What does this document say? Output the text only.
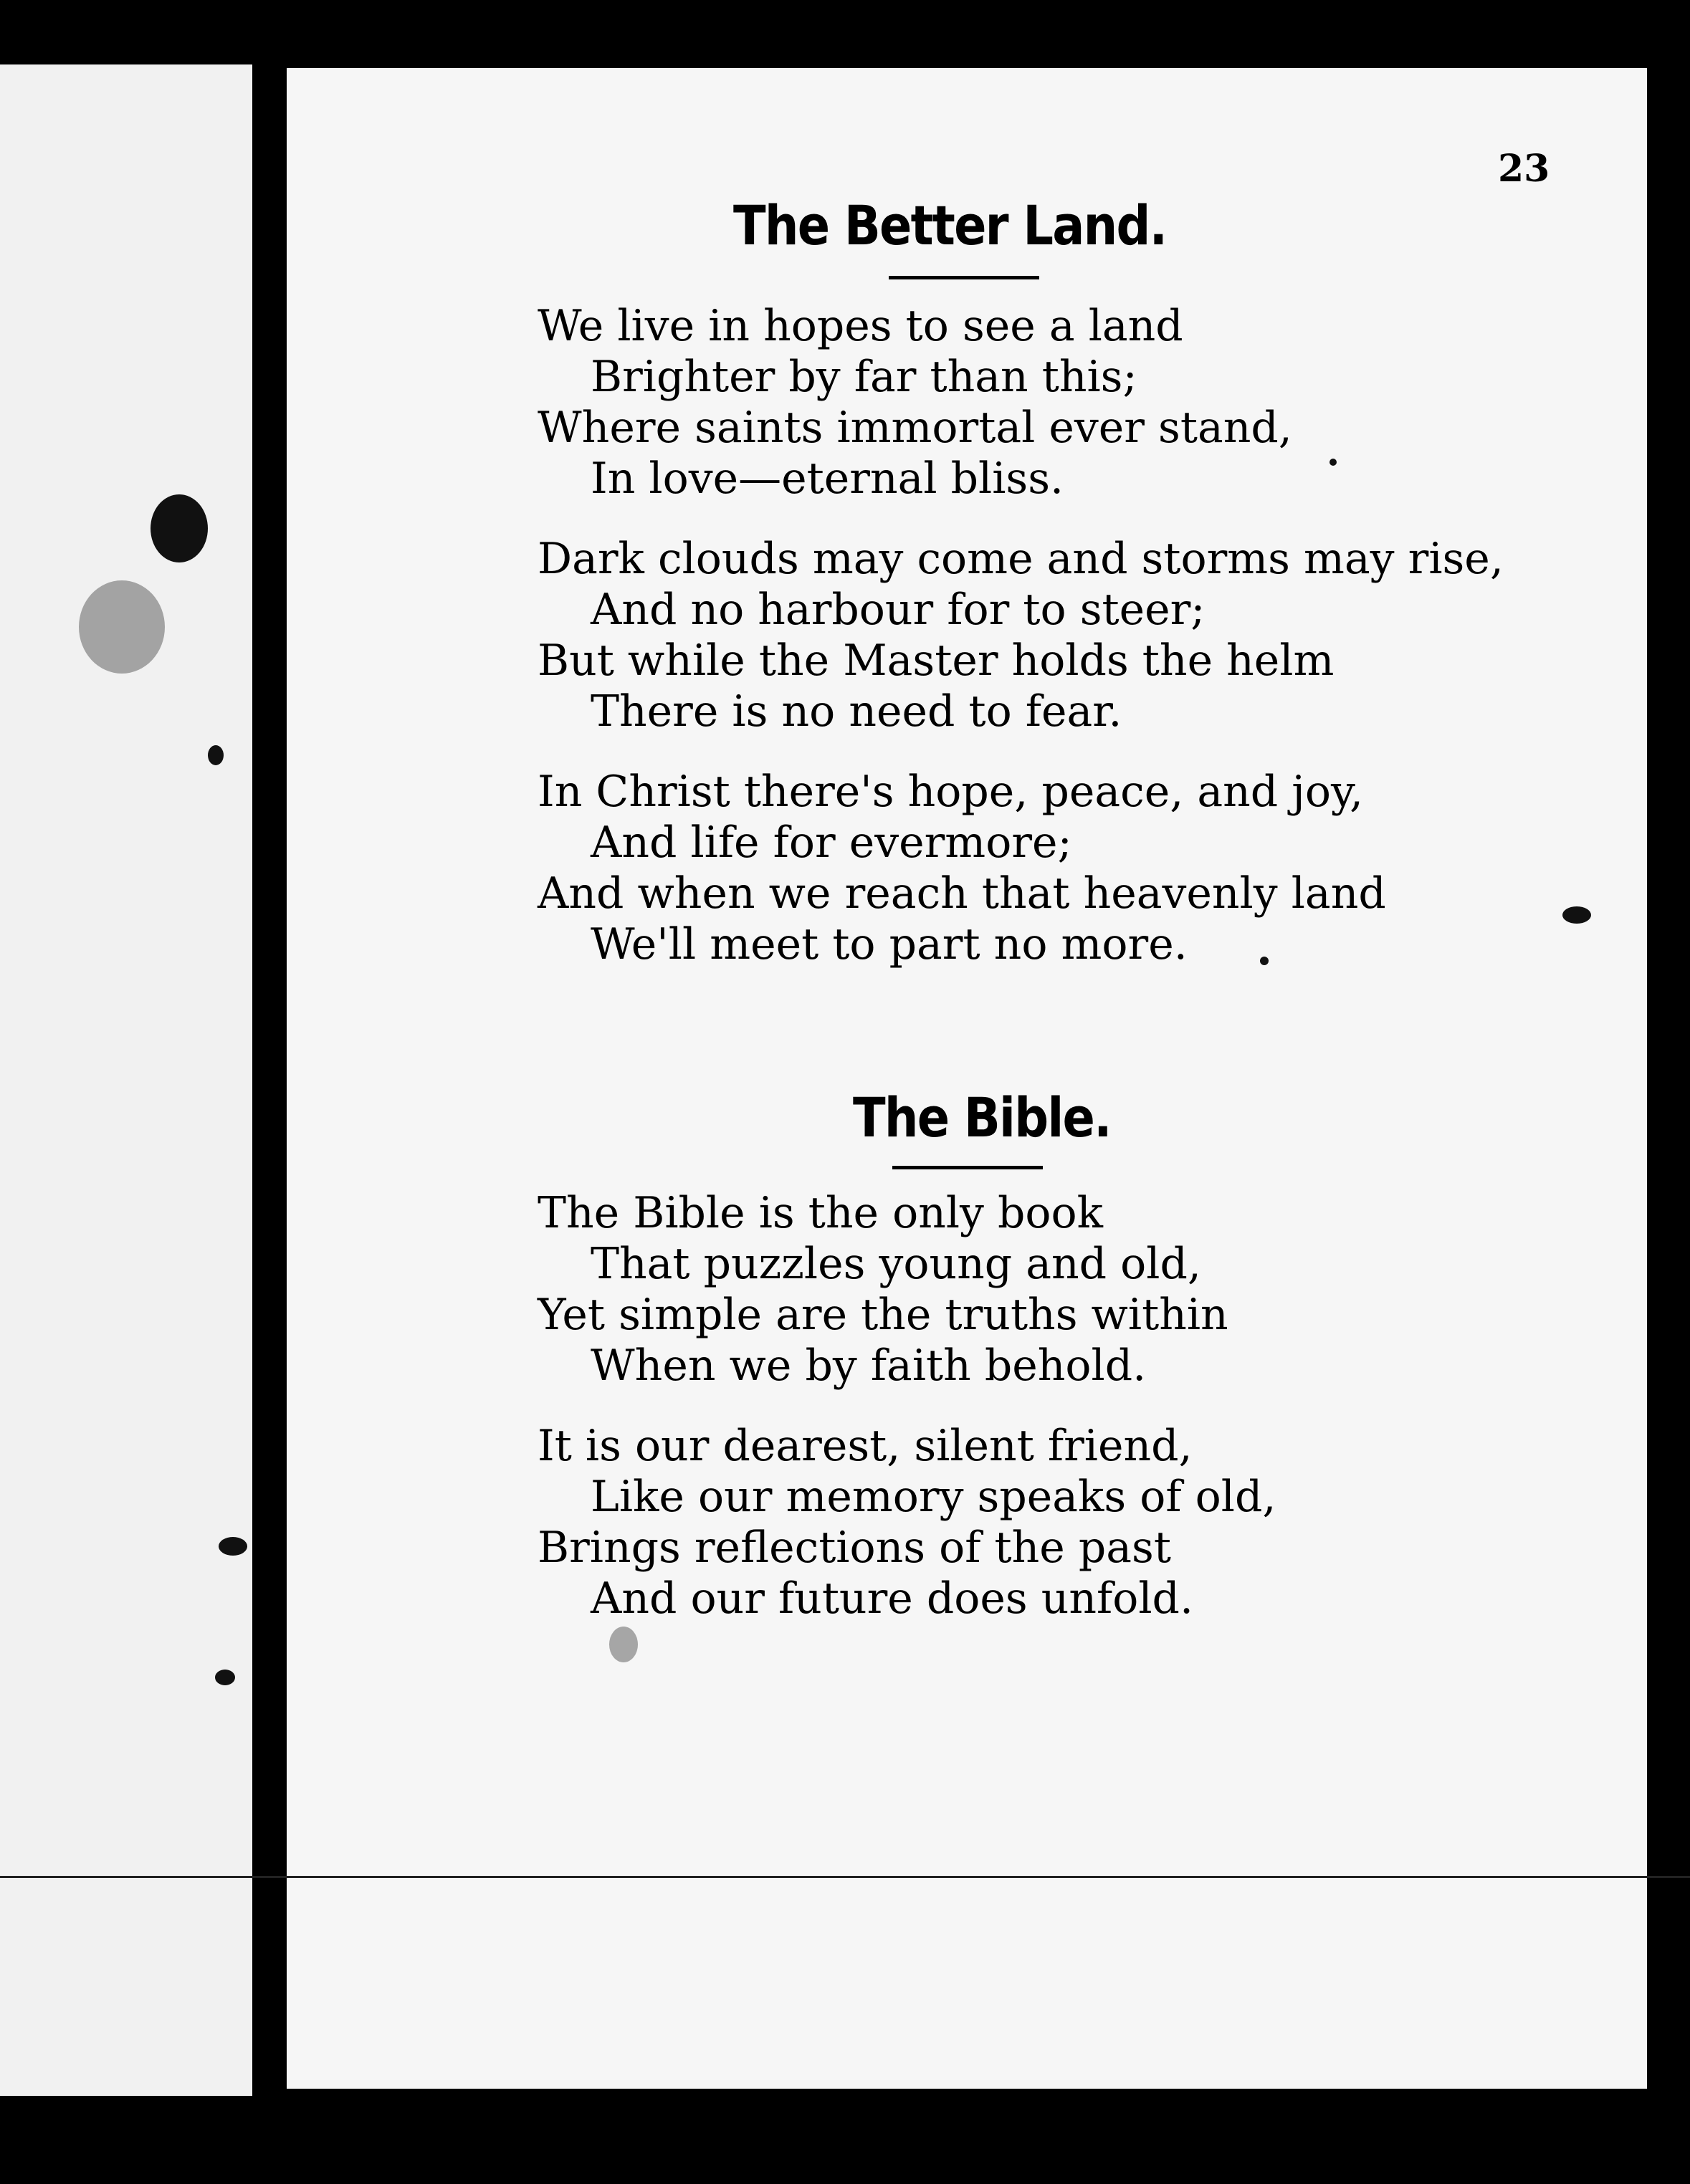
23
The Better Land.
We live in hopes to see a land
Brighter by far than this;
Where saints immortal ever stand,
In love—eternal bliss.
Dark clouds may come and storms may rise,
And no harbour for to steer;
But while the Master holds the helm
There is no need to fear.
In Christ there's hope, peace, and joy,
And life for evermore;
And when we reach that heavenly land
We'll meet to part no more.
The Bible.
The Bible is the only book
That puzzles young and old,
Yet simple are the truths within
When we by faith behold.
It is our dearest, silent friend,
Like our memory speaks of old,
Brings reflections of the past
And our future does unfold.
